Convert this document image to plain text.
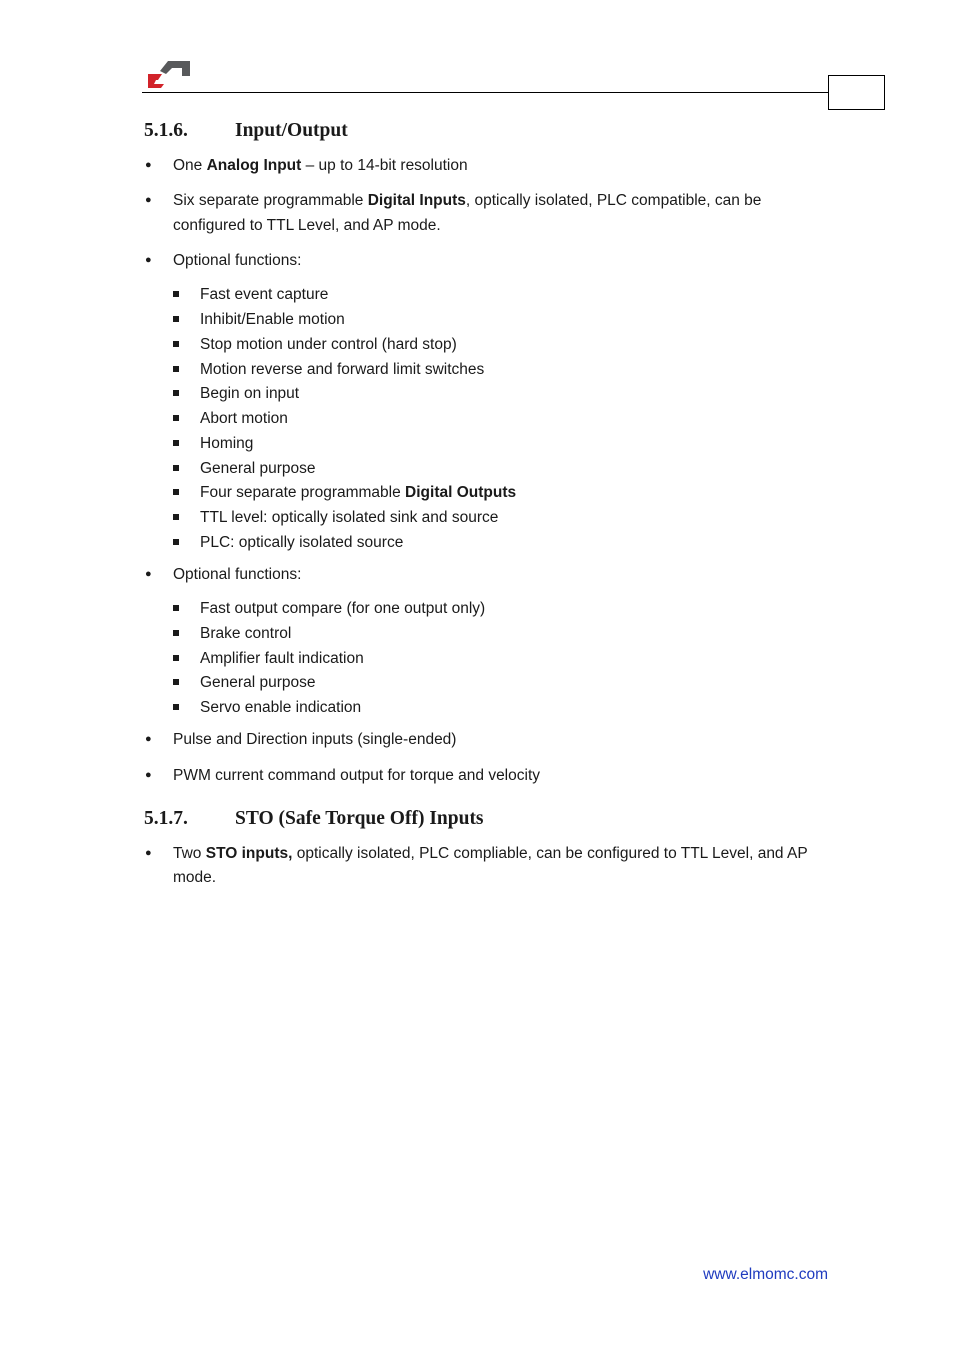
5.1.6. Input/Output
● One Analog Input – up to 14-bit resolution
● Six separate programmable Digital Inputs, optically isolated, PLC compatible, can be
configured to TTL Level, and AP mode.
● Optional functions:
Fast event capture
Inhibit/Enable motion
Stop motion under control (hard stop)
Motion reverse and forward limit switches
Begin on input
Abort motion
Homing
General purpose
Four separate programmable Digital Outputs
TTL level: optically isolated sink and source
PLC: optically isolated source
● Optional functions:
Fast output compare (for one output only)
Brake control
Amplifier fault indication
General purpose
Servo enable indication
● Pulse and Direction inputs (single-ended)
● PWM current command output for torque and velocity
5.1.7. STO (Safe Torque Off) Inputs
● Two STO inputs, optically isolated, PLC compliable, can be configured to TTL Level, and AP
mode.
www.elmomc.com
